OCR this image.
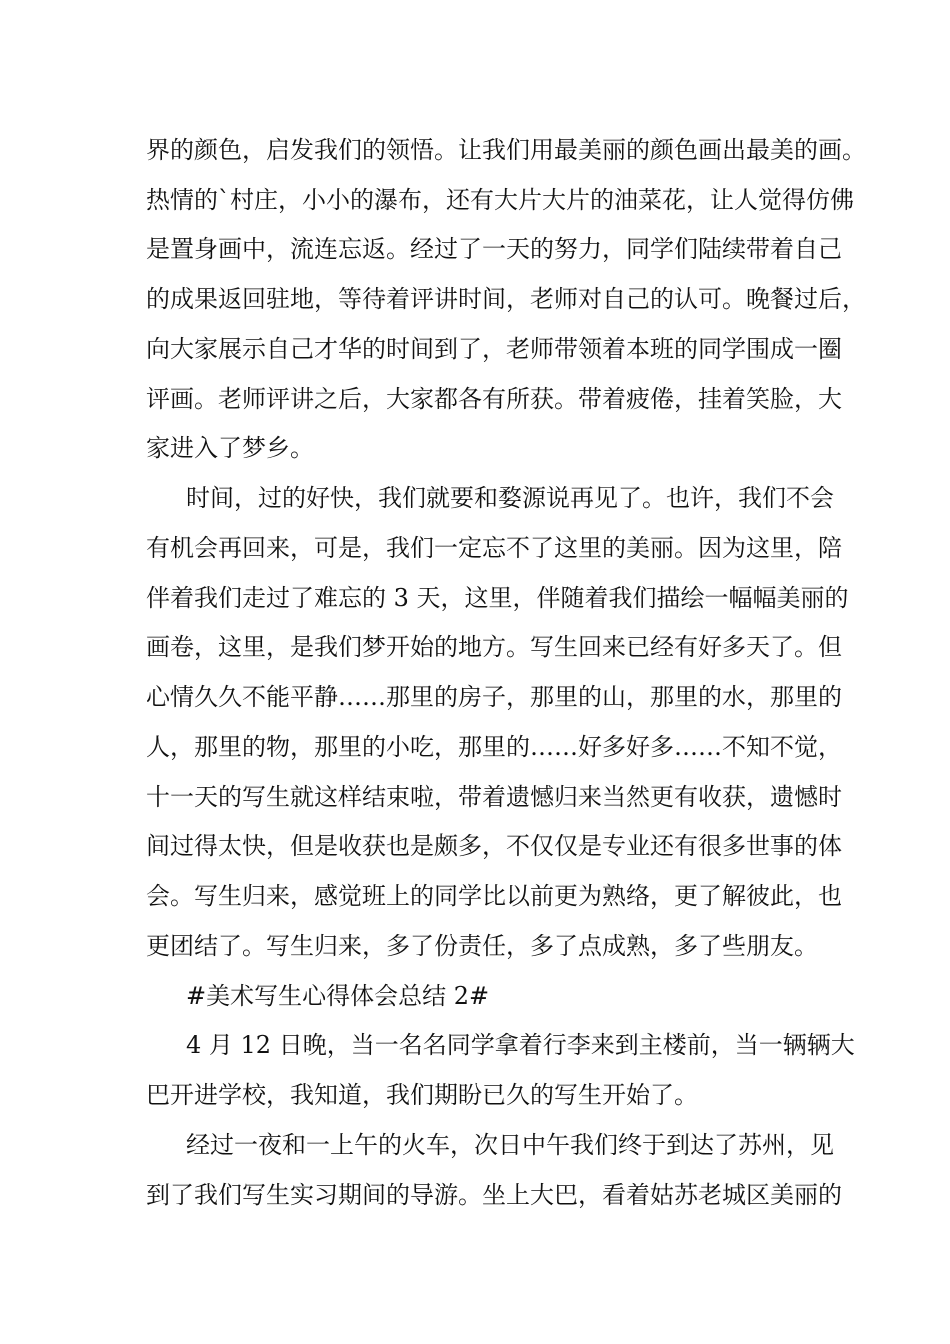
界的颜色，启发我们的领悟。让我们用最美丽的颜色画出最美的画。
热情的`村庄，小小的瀑布，还有大片大片的油菜花，让人觉得仿佛
是置身画中，流连忘返。经过了一天的努力，同学们陆续带着自己
的成果返回驻地，等待着评讲时间，老师对自己的认可。晚餐过后，
向大家展示自己才华的时间到了，老师带领着本班的同学围成一圈
评画。老师评讲之后，大家都各有所获。带着疲倦，挂着笑脸，大
家进入了梦乡。
时间，过的好快，我们就要和婺源说再见了。也许，我们不会
有机会再回来，可是，我们一定忘不了这里的美丽。因为这里，陪
伴着我们走过了难忘的 3 天，这里，伴随着我们描绘一幅幅美丽的
画卷，这里，是我们梦开始的地方。写生回来已经有好多天了。但
心情久久不能平静……那里的房子，那里的山，那里的水，那里的
人，那里的物，那里的小吃，那里的……好多好多……不知不觉，
十一天的写生就这样结束啦，带着遗憾归来当然更有收获，遗憾时
间过得太快，但是收获也是颇多，不仅仅是专业还有很多世事的体
会。写生归来，感觉班上的同学比以前更为熟络，更了解彼此，也
更团结了。写生归来，多了份责任，多了点成熟，多了些朋友。
#美术写生心得体会总结 2#
4 月 12 日晚，当一名名同学拿着行李来到主楼前，当一辆辆大
巴开进学校，我知道，我们期盼已久的写生开始了。
经过一夜和一上午的火车，次日中午我们终于到达了苏州，见
到了我们写生实习期间的导游。坐上大巴，看着姑苏老城区美丽的
